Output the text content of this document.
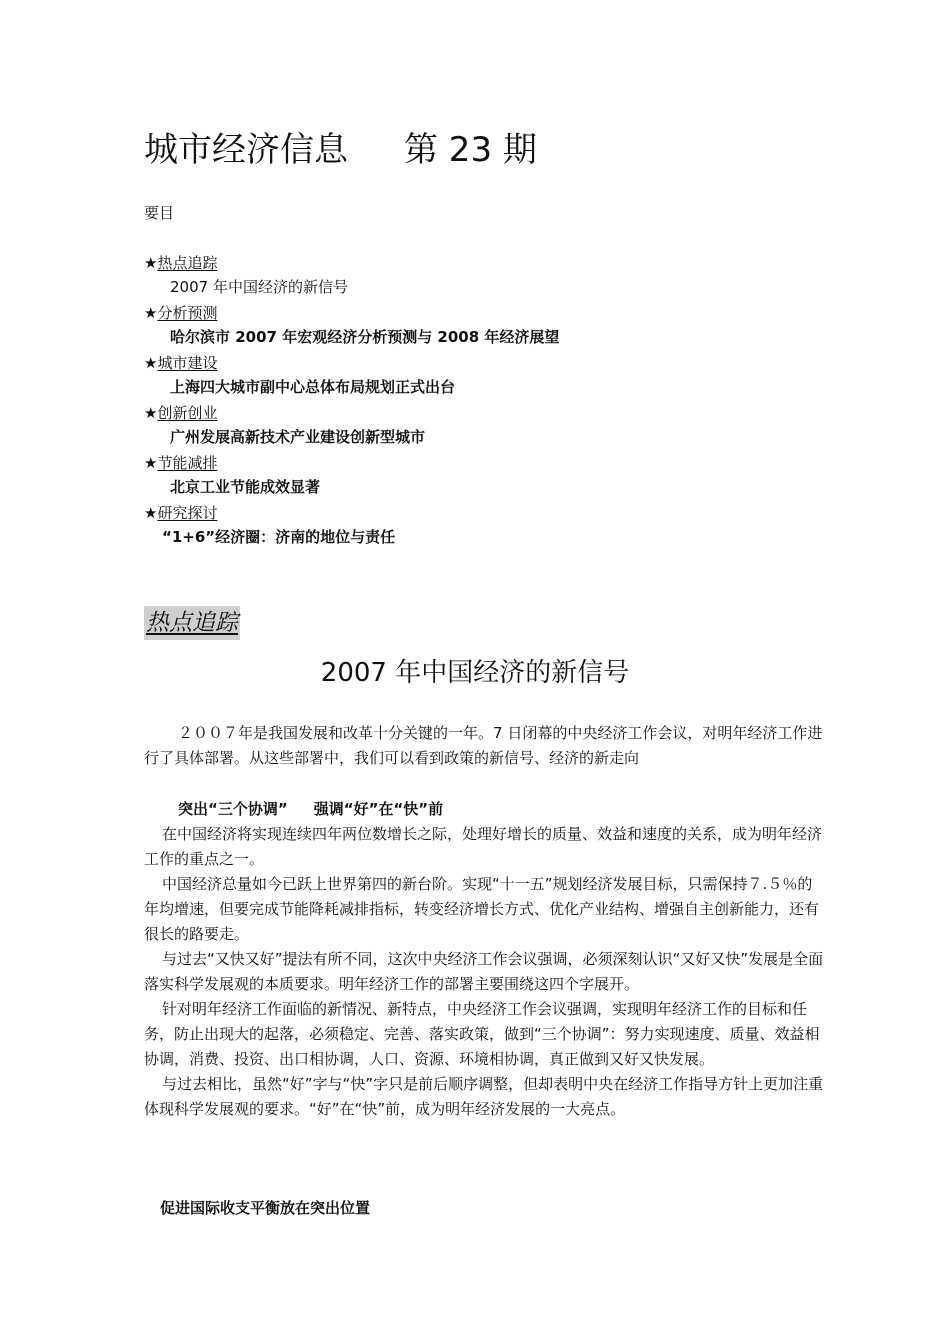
城市经济信息 第 23 期
要目
★热点追踪
2007 年中国经济的新信号
★分析预测
哈尔滨市 2007 年宏观经济分析预测与 2008 年经济展望
★城市建设
上海四大城市副中心总体布局规划正式出台
★创新创业
广州发展高新技术产业建设创新型城市
★节能减排
北京工业节能成效显著
★研究探讨
“1+6”经济圈：济南的地位与责任
热点追踪
2007 年中国经济的新信号

２００７年是我国发展和改革十分关键的一年。7 日闭幕的中央经济工作会议，对明年经济工作进行了具体部署。从这些部署中，我们可以看到政策的新信号、经济的新走向

突出“三个协调” 强调“好”在“快”前

在中国经济将实现连续四年两位数增长之际，处理好增长的质量、效益和速度的关系，成为明年经济工作的重点之一。

中国经济总量如今已跃上世界第四的新台阶。实现“十一五”规划经济发展目标，只需保持７.５％的年均增速，但要完成节能降耗减排指标，转变经济增长方式、优化产业结构、增强自主创新能力，还有很长的路要走。

与过去“又快又好”提法有所不同，这次中央经济工作会议强调，必须深刻认识“又好又快”发展是全面落实科学发展观的本质要求。明年经济工作的部署主要围绕这四个字展开。

针对明年经济工作面临的新情况、新特点，中央经济工作会议强调，实现明年经济工作的目标和任务，防止出现大的起落，必须稳定、完善、落实政策，做到“三个协调”：努力实现速度、质量、效益相协调，消费、投资、出口相协调，人口、资源、环境相协调，真正做到又好又快发展。

与过去相比，虽然“好”字与“快”字只是前后顺序调整，但却表明中央在经济工作指导方针上更加注重体现科学发展观的要求。“好”在“快”前，成为明年经济发展的一大亮点。

促进国际收支平衡放在突出位置
